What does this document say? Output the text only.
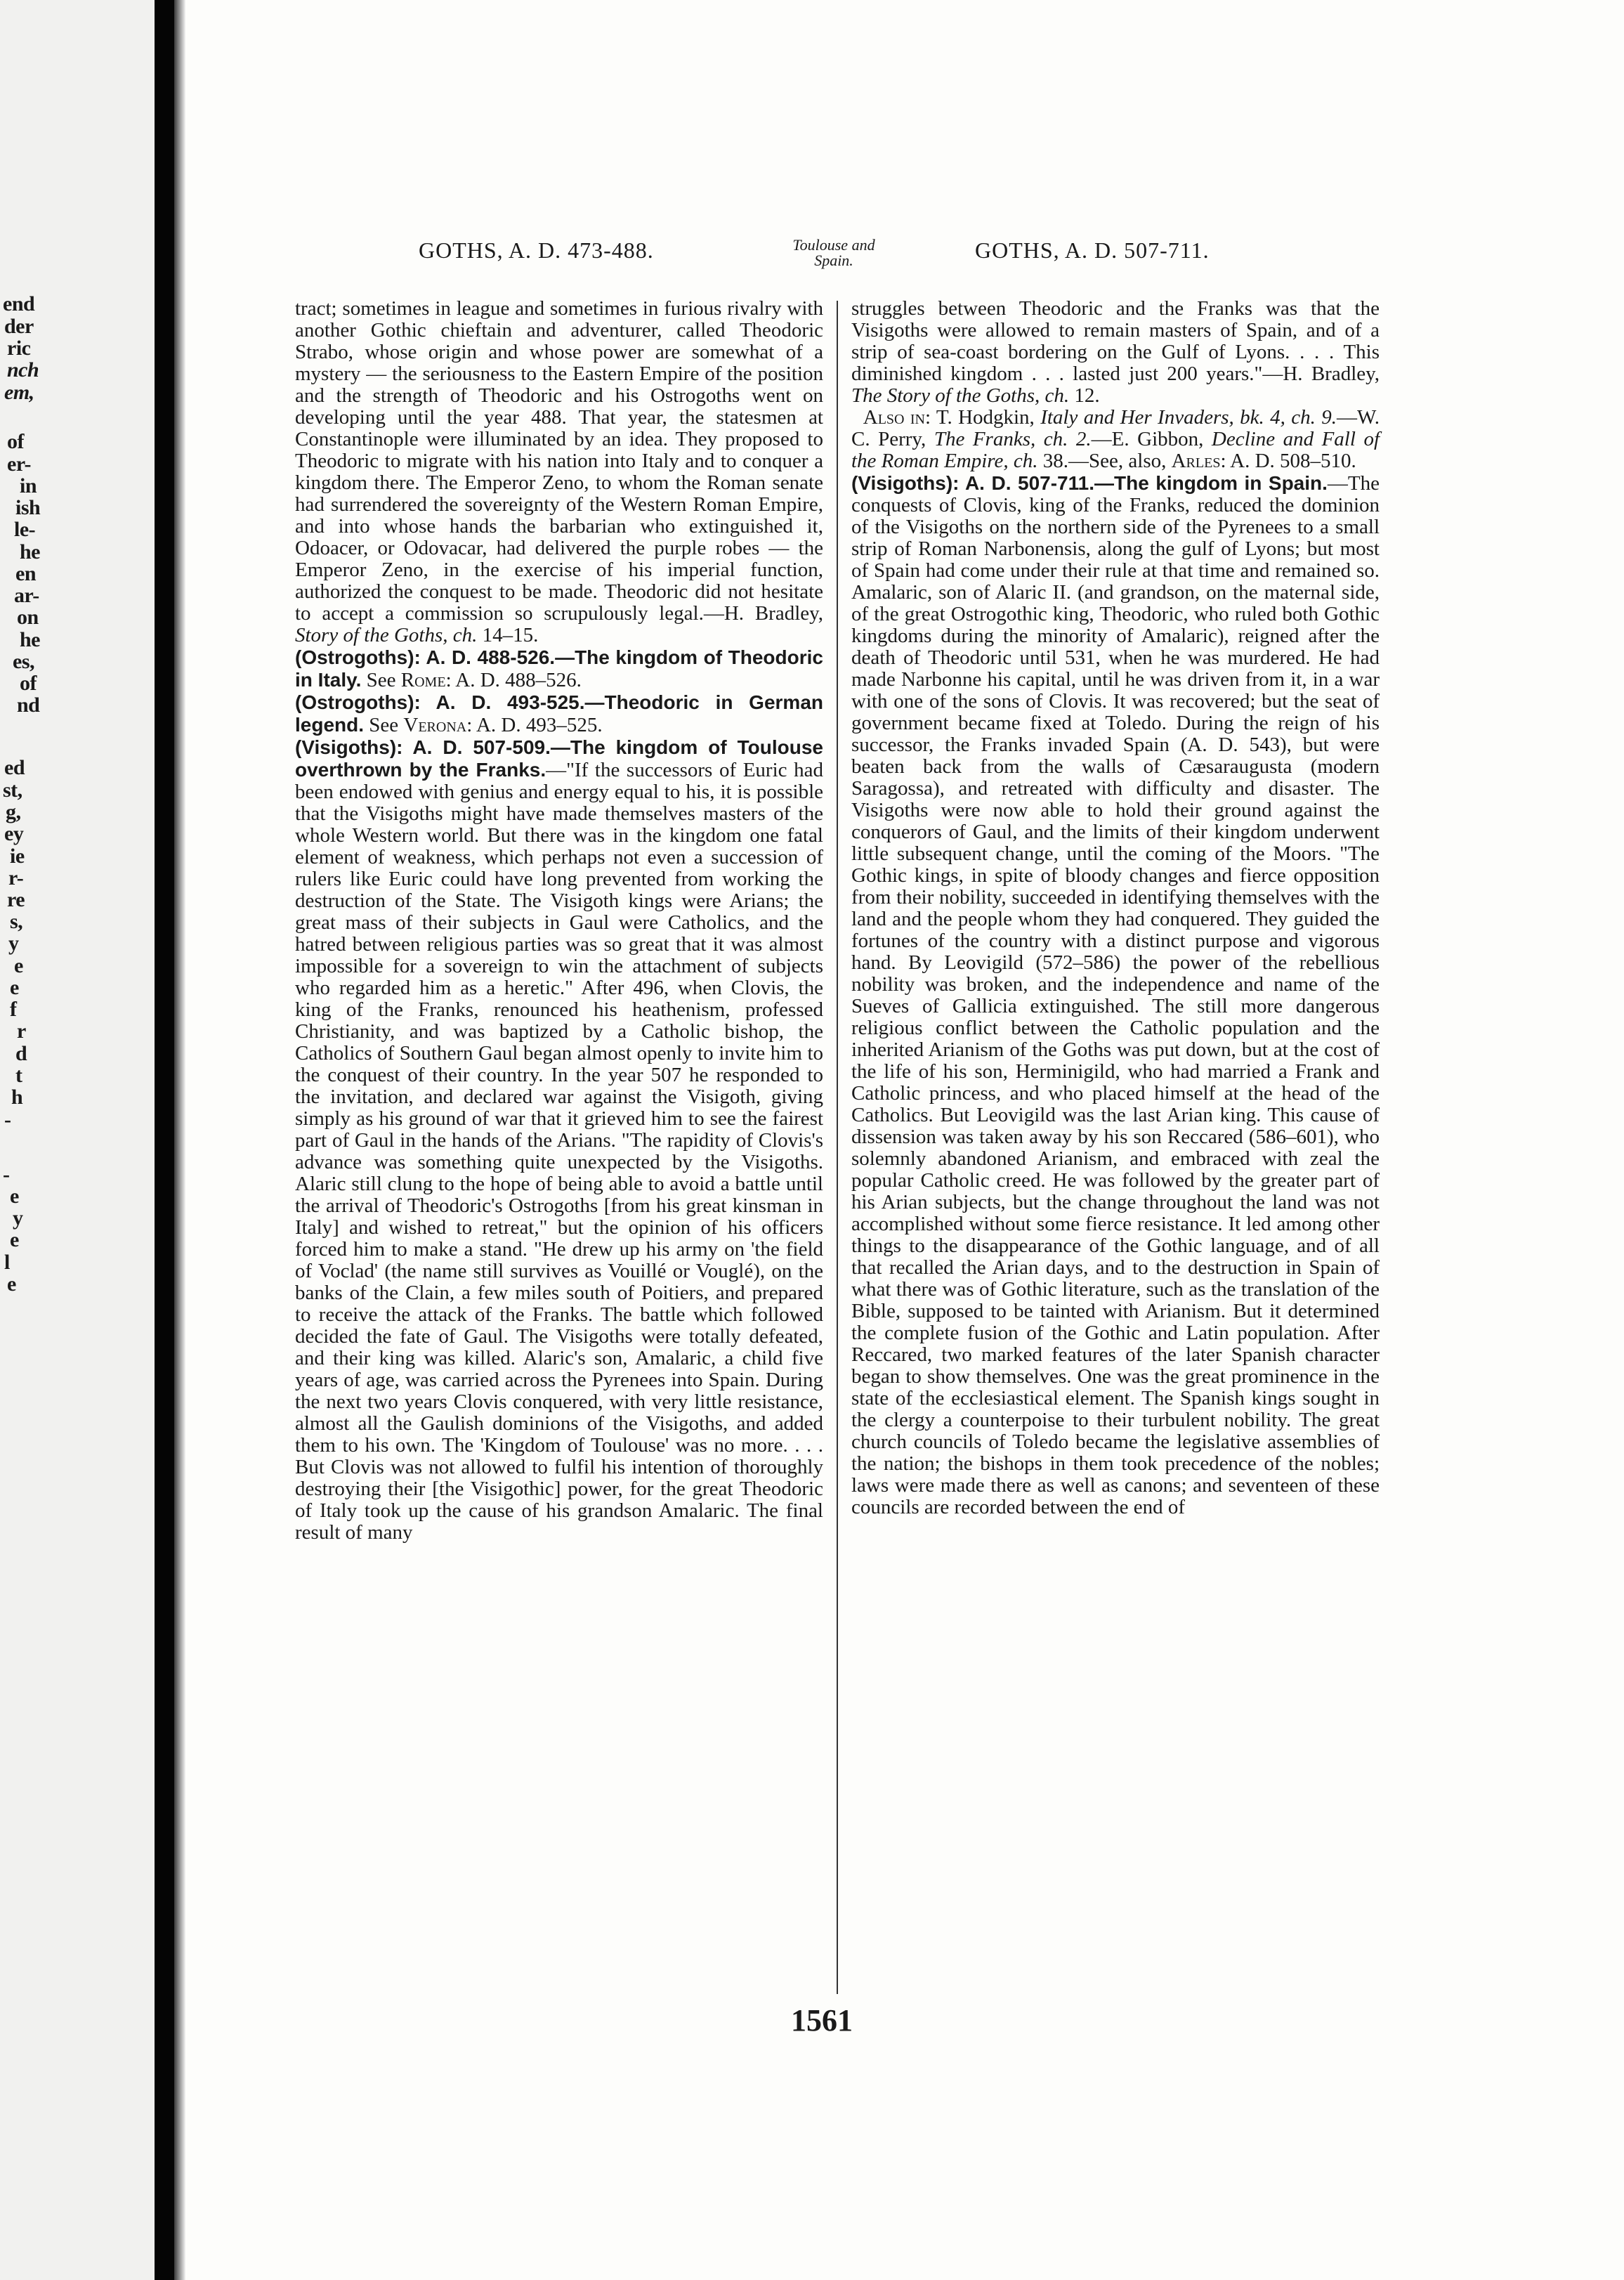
end
der
ric
nch
em,
of
er-
in
ish
le-
he
en
ar-
on
he
es,
of
nd
ed
st,
g,
ey
ie
r-
re
s,
y
e
e
f
r
d
t
h
-
-
e
y
e
l
e
GOTHS, A. D. 473-488.	Toulouse and
Spain.	GOTHS, A. D. 507-711.

tract; sometimes in league and sometimes in furious rivalry with another Gothic chieftain and adventurer, called Theodoric Strabo, whose origin and whose power are somewhat of a mystery — the seriousness to the Eastern Empire of the position and the strength of Theodoric and his Ostrogoths went on developing until the year 488. That year, the statesmen at Constantinople were illuminated by an idea. They proposed to Theodoric to migrate with his nation into Italy and to conquer a kingdom there. The Emperor Zeno, to whom the Roman senate had surrendered the sovereignty of the Western Roman Empire, and into whose hands the barbarian who extinguished it, Odoacer, or Odovacar, had delivered the purple robes — the Emperor Zeno, in the exercise of his imperial function, authorized the conquest to be made. Theodoric did not hesitate to accept a commission so scrupulously legal.—H. Bradley, Story of the Goths, ch. 14–15.

(Ostrogoths): A. D. 488-526.—The kingdom of Theodoric in Italy. See Rome: A. D. 488–526.

(Ostrogoths): A. D. 493-525.—Theodoric in German legend. See Verona: A. D. 493–525.

(Visigoths): A. D. 507-509.—The kingdom of Toulouse overthrown by the Franks.—"If the successors of Euric had been endowed with genius and energy equal to his, it is possible that the Visigoths might have made themselves masters of the whole Western world. But there was in the kingdom one fatal element of weakness, which perhaps not even a succession of rulers like Euric could have long prevented from working the destruction of the State. The Visigoth kings were Arians; the great mass of their subjects in Gaul were Catholics, and the hatred between religious parties was so great that it was almost impossible for a sovereign to win the attachment of subjects who regarded him as a heretic." After 496, when Clovis, the king of the Franks, renounced his heathenism, professed Christianity, and was baptized by a Catholic bishop, the Catholics of Southern Gaul began almost openly to invite him to the conquest of their country. In the year 507 he responded to the invitation, and declared war against the Visigoth, giving simply as his ground of war that it grieved him to see the fairest part of Gaul in the hands of the Arians. "The rapidity of Clovis's advance was something quite unexpected by the Visigoths. Alaric still clung to the hope of being able to avoid a battle until the arrival of Theodoric's Ostrogoths [from his great kinsman in Italy] and wished to retreat," but the opinion of his officers forced him to make a stand. "He drew up his army on 'the field of Voclad' (the name still survives as Vouillé or Vouglé), on the banks of the Clain, a few miles south of Poitiers, and prepared to receive the attack of the Franks. The battle which followed decided the fate of Gaul. The Visigoths were totally defeated, and their king was killed. Alaric's son, Amalaric, a child five years of age, was carried across the Pyrenees into Spain. During the next two years Clovis conquered, with very little resistance, almost all the Gaulish dominions of the Visigoths, and added them to his own. The 'Kingdom of Toulouse' was no more. . . . But Clovis was not allowed to fulfil his intention of thoroughly destroying their [the Visigothic] power, for the great Theodoric of Italy took up the cause of his grandson Amalaric. The final result of many

struggles between Theodoric and the Franks was that the Visigoths were allowed to remain masters of Spain, and of a strip of sea-coast bordering on the Gulf of Lyons. . . . This diminished kingdom . . . lasted just 200 years."—H. Bradley, The Story of the Goths, ch. 12.

Also in: T. Hodgkin, Italy and Her Invaders, bk. 4, ch. 9.—W. C. Perry, The Franks, ch. 2.—E. Gibbon, Decline and Fall of the Roman Empire, ch. 38.—See, also, Arles: A. D. 508–510.

(Visigoths): A. D. 507-711.—The kingdom in Spain.—The conquests of Clovis, king of the Franks, reduced the dominion of the Visigoths on the northern side of the Pyrenees to a small strip of Roman Narbonensis, along the gulf of Lyons; but most of Spain had come under their rule at that time and remained so. Amalaric, son of Alaric II. (and grandson, on the maternal side, of the great Ostrogothic king, Theodoric, who ruled both Gothic kingdoms during the minority of Amalaric), reigned after the death of Theodoric until 531, when he was murdered. He had made Narbonne his capital, until he was driven from it, in a war with one of the sons of Clovis. It was recovered; but the seat of government became fixed at Toledo. During the reign of his successor, the Franks invaded Spain (A. D. 543), but were beaten back from the walls of Cæsaraugusta (modern Saragossa), and retreated with difficulty and disaster. The Visigoths were now able to hold their ground against the conquerors of Gaul, and the limits of their kingdom underwent little subsequent change, until the coming of the Moors. "The Gothic kings, in spite of bloody changes and fierce opposition from their nobility, succeeded in identifying themselves with the land and the people whom they had conquered. They guided the fortunes of the country with a distinct purpose and vigorous hand. By Leovigild (572–586) the power of the rebellious nobility was broken, and the independence and name of the Sueves of Gallicia extinguished. The still more dangerous religious conflict between the Catholic population and the inherited Arianism of the Goths was put down, but at the cost of the life of his son, Herminigild, who had married a Frank and Catholic princess, and who placed himself at the head of the Catholics. But Leovigild was the last Arian king. This cause of dissension was taken away by his son Reccared (586–601), who solemnly abandoned Arianism, and embraced with zeal the popular Catholic creed. He was followed by the greater part of his Arian subjects, but the change throughout the land was not accomplished without some fierce resistance. It led among other things to the disappearance of the Gothic language, and of all that recalled the Arian days, and to the destruction in Spain of what there was of Gothic literature, such as the translation of the Bible, supposed to be tainted with Arianism. But it determined the complete fusion of the Gothic and Latin population. After Reccared, two marked features of the later Spanish character began to show themselves. One was the great prominence in the state of the ecclesiastical element. The Spanish kings sought in the clergy a counterpoise to their turbulent nobility. The great church councils of Toledo became the legislative assemblies of the nation; the bishops in them took precedence of the nobles; laws were made there as well as canons; and seventeen of these councils are recorded between the end of

1561
